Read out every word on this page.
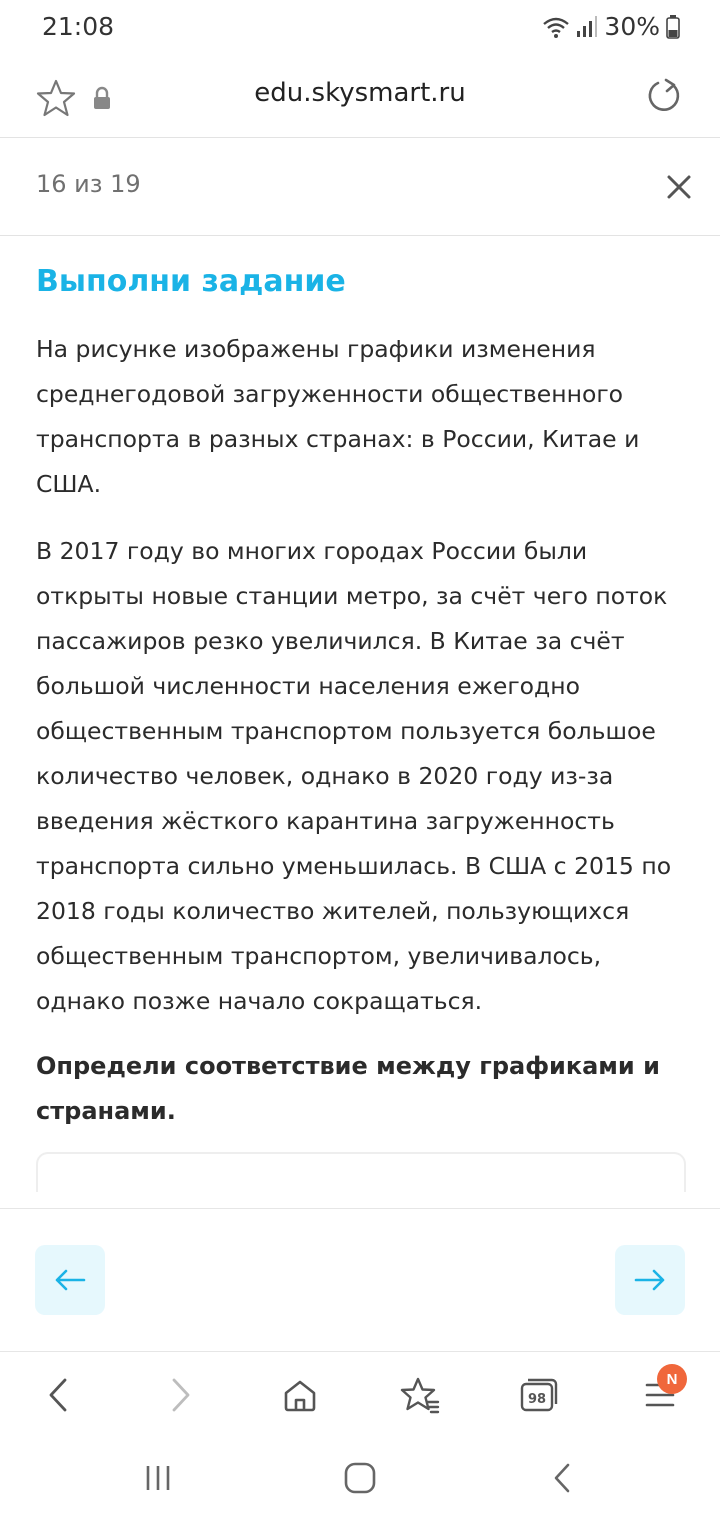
21:08	30%
edu.skysmart.ru
16 из 19
Выполни задание

На рисунке изображены графики изменения среднегодовой загруженности общественного транспорта в разных странах: в России, Китае и США.

В 2017 году во многих городах России были открыты новые станции метро, за счёт чего поток пассажиров резко увеличился. В Китае за счёт большой численности населения ежегодно общественным транспортом пользуется большое количество человек, однако в 2020 году из-за введения жёсткого карантина загруженность транспорта сильно уменьшилась. В США с 2015 по 2018 годы количество жителей, пользующихся общественным транспортом, увеличивалось, однако позже начало сокращаться.

Определи соответствие между графиками и странами.

98
N
